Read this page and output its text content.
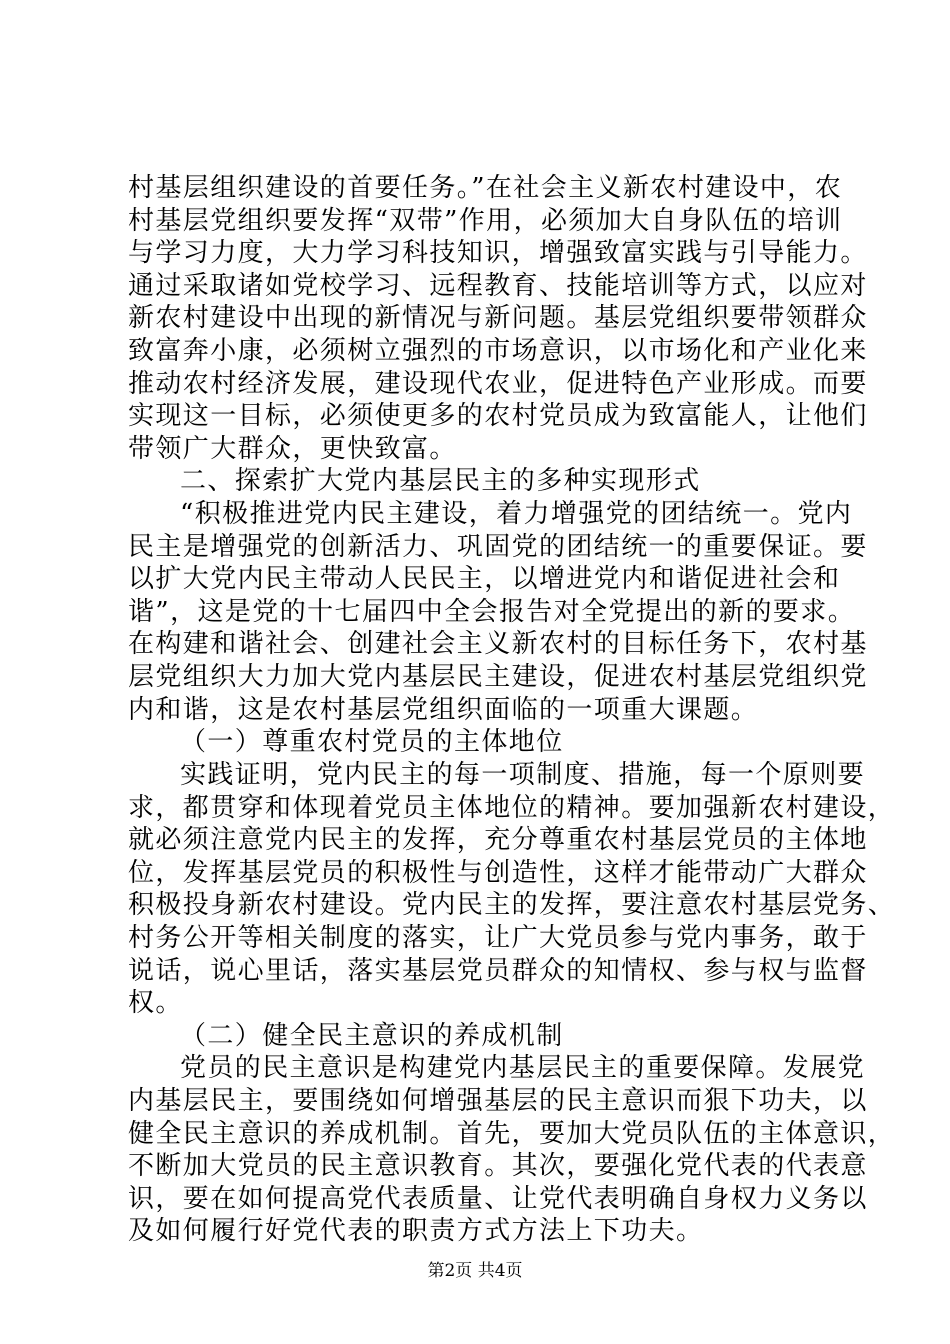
村基层组织建设的首要任务。”在社会主义新农村建设中，农
村基层党组织要发挥“双带”作用，必须加大自身队伍的培训
与学习力度，大力学习科技知识，增强致富实践与引导能力。
通过采取诸如党校学习、远程教育、技能培训等方式，以应对
新农村建设中出现的新情况与新问题。基层党组织要带领群众
致富奔小康，必须树立强烈的市场意识，以市场化和产业化来
推动农村经济发展，建设现代农业，促进特色产业形成。而要
实现这一目标，必须使更多的农村党员成为致富能人，让他们
带领广大群众，更快致富。
二、探索扩大党内基层民主的多种实现形式
“积极推进党内民主建设，着力增强党的团结统一。党内
民主是增强党的创新活力、巩固党的团结统一的重要保证。要
以扩大党内民主带动人民民主，以增进党内和谐促进社会和
谐”，这是党的十七届四中全会报告对全党提出的新的要求。
在构建和谐社会、创建社会主义新农村的目标任务下，农村基
层党组织大力加大党内基层民主建设，促进农村基层党组织党
内和谐，这是农村基层党组织面临的一项重大课题。
（一）尊重农村党员的主体地位
实践证明，党内民主的每一项制度、措施，每一个原则要
求，都贯穿和体现着党员主体地位的精神。要加强新农村建设，
就必须注意党内民主的发挥，充分尊重农村基层党员的主体地
位，发挥基层党员的积极性与创造性，这样才能带动广大群众
积极投身新农村建设。党内民主的发挥，要注意农村基层党务、
村务公开等相关制度的落实，让广大党员参与党内事务，敢于
说话，说心里话，落实基层党员群众的知情权、参与权与监督
权。
（二）健全民主意识的养成机制
党员的民主意识是构建党内基层民主的重要保障。发展党
内基层民主，要围绕如何增强基层的民主意识而狠下功夫，以
健全民主意识的养成机制。首先，要加大党员队伍的主体意识，
不断加大党员的民主意识教育。其次，要强化党代表的代表意
识，要在如何提高党代表质量、让党代表明确自身权力义务以
及如何履行好党代表的职责方式方法上下功夫。
第2页 共4页
